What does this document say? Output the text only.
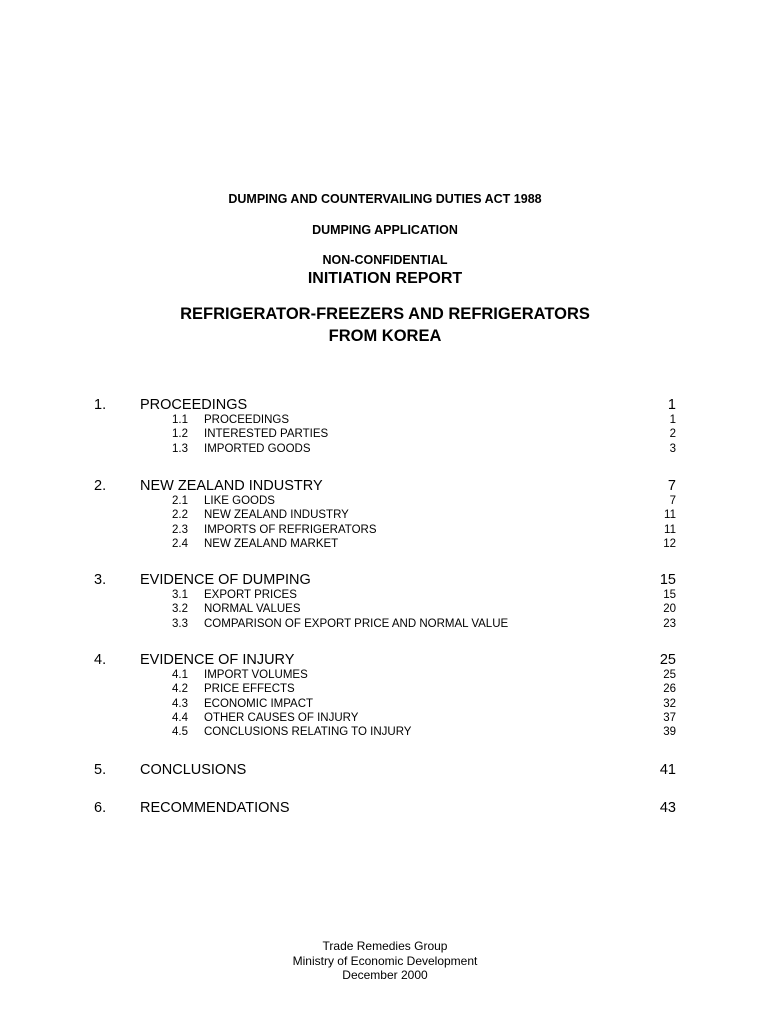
DUMPING AND COUNTERVAILING DUTIES ACT 1988
DUMPING APPLICATION
NON-CONFIDENTIAL
INITIATION REPORT
REFRIGERATOR-FREEZERS AND REFRIGERATORS
FROM KOREA
1. PROCEEDINGS	1
1.1 PROCEEDINGS	1
1.2 INTERESTED PARTIES	2
1.3 IMPORTED GOODS	3
2. NEW ZEALAND INDUSTRY	7
2.1 LIKE GOODS	7
2.2 NEW ZEALAND INDUSTRY	11
2.3 IMPORTS OF REFRIGERATORS	11
2.4 NEW ZEALAND MARKET	12
3. EVIDENCE OF DUMPING	15
3.1 EXPORT PRICES	15
3.2 NORMAL VALUES	20
3.3 COMPARISON OF EXPORT PRICE AND NORMAL VALUE	23
4. EVIDENCE OF INJURY	25
4.1 IMPORT VOLUMES	25
4.2 PRICE EFFECTS	26
4.3 ECONOMIC IMPACT	32
4.4 OTHER CAUSES OF INJURY	37
4.5 CONCLUSIONS RELATING TO INJURY	39
5. CONCLUSIONS	41
6. RECOMMENDATIONS	43
Trade Remedies Group
Ministry of Economic Development
December 2000
